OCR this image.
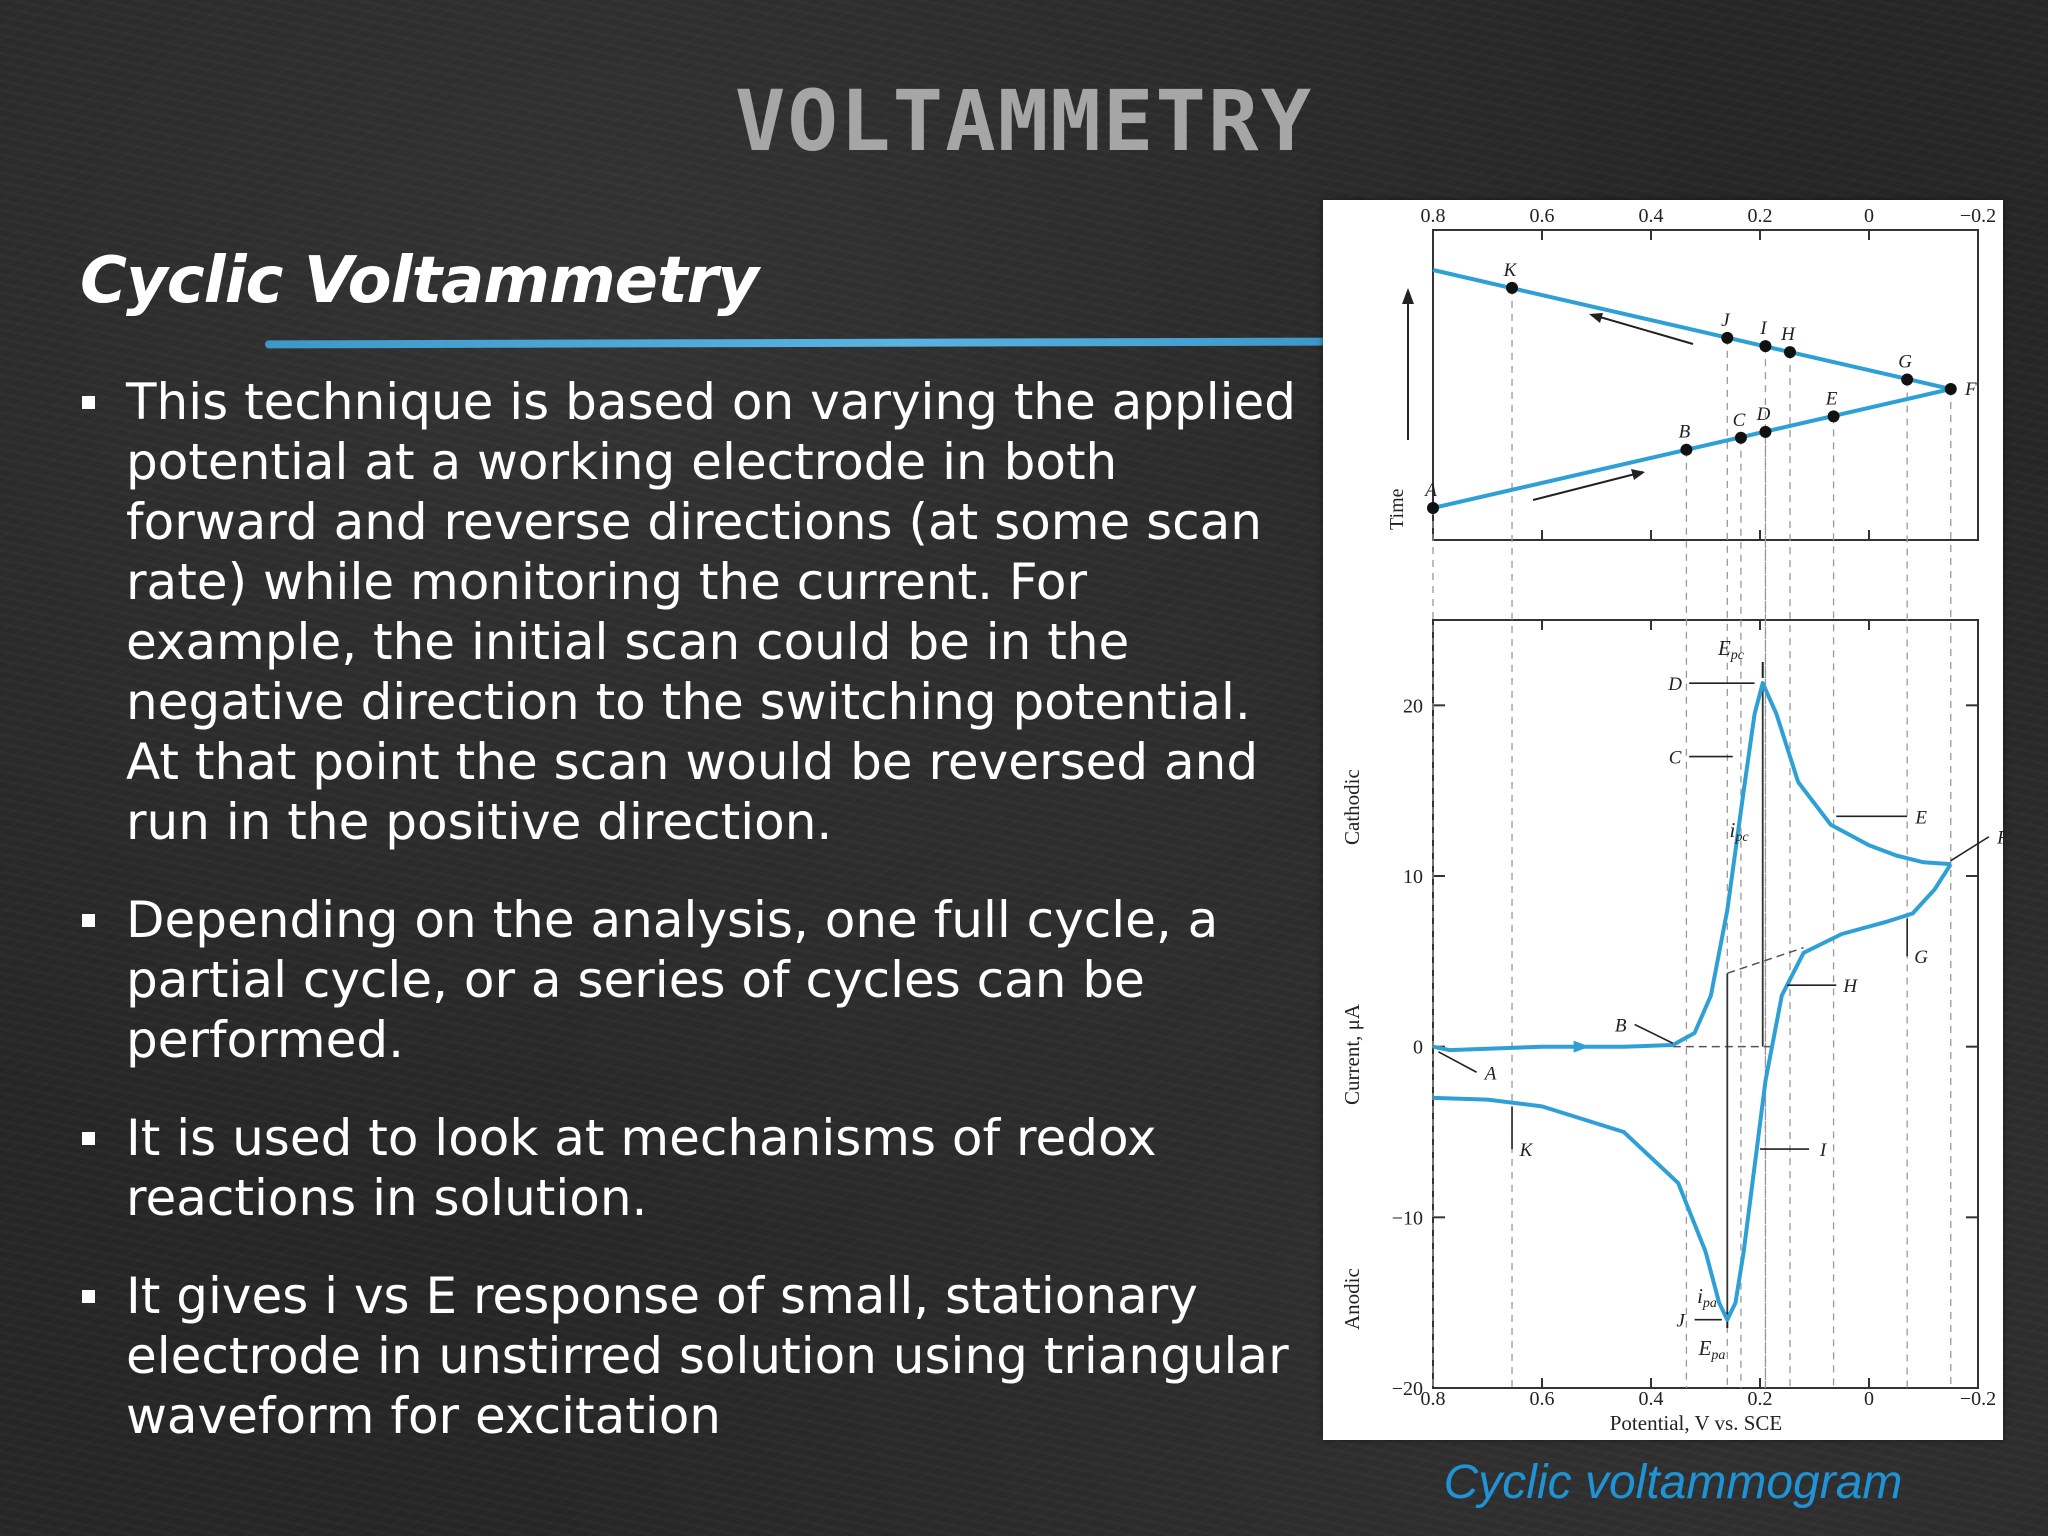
VOLTAMMETRY
Cyclic Voltammetry
This technique is based on varying the applied potential at a working electrode in both forward and reverse directions (at some scan rate) while monitoring the current. For example, the initial scan could be in the negative direction to the switching potential. At that point the scan would be reversed and run in the positive direction.
Depending on the analysis, one full cycle, a partial cycle, or a series of cycles can be performed.
It is used to look at mechanisms of redox reactions in solution.
It gives i vs E response of small, stationary electrode in unstirred solution using triangular waveform for excitation
0.8	0.6	0.4	0.2	0	−0.2
0.8	0.6	0.4	0.2	0	−0.2
20
10
0
−10
−20
Time A
B
C D
E	F
G
H
I
J
K
Current, μA
Cathodic
Anodic
Potential, V vs. SCE
A
B
C
D
E
F
G
H
I
J
K
Epc
Epa
ipc
ipa
Cyclic voltammogram
